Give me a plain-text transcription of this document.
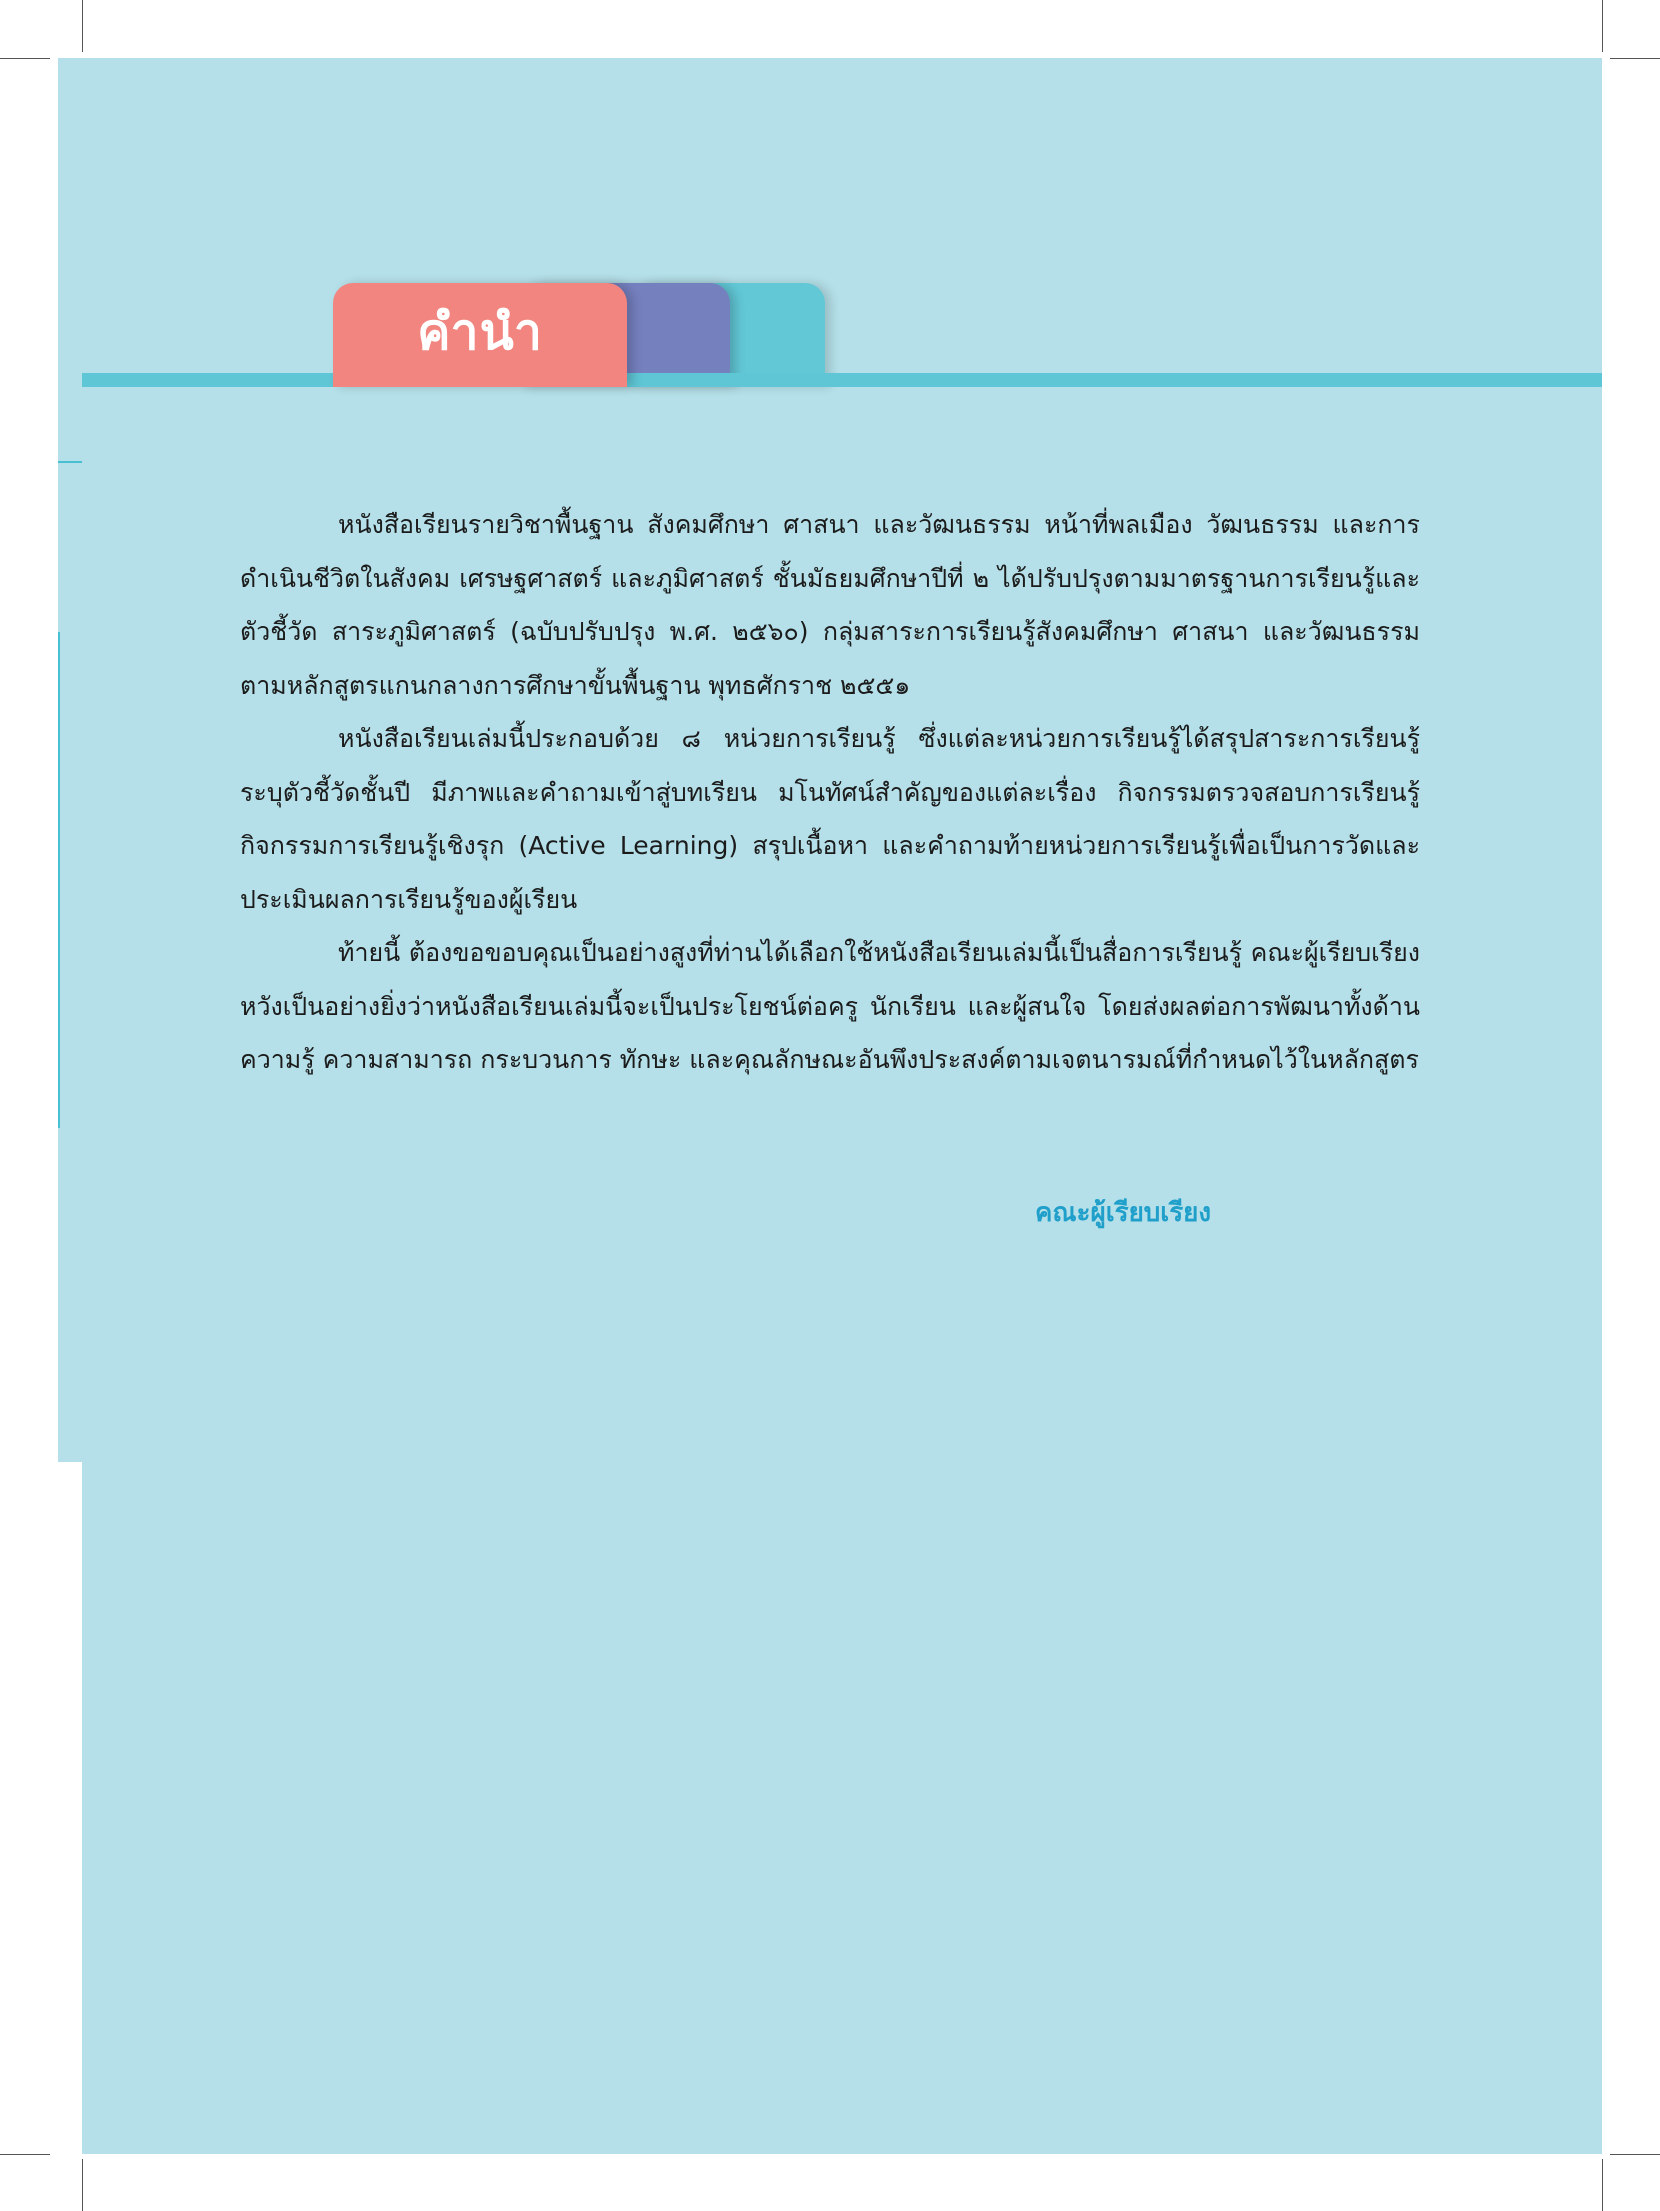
คำนำ

หนังสือเรียนรายวิชาพื้นฐาน สังคมศึกษา ศาสนา และวัฒนธรรม หน้าที่พลเมือง วัฒนธรรม และการดำเนินชีวิตในสังคม เศรษฐศาสตร์ และภูมิศาสตร์ ชั้นมัธยมศึกษาปีที่ ๒ ได้ปรับปรุงตามมาตรฐานการเรียนรู้และตัวชี้วัด สาระภูมิศาสตร์ (ฉบับปรับปรุง พ.ศ. ๒๕๖๐) กลุ่มสาระการเรียนรู้สังคมศึกษา ศาสนา และวัฒนธรรม ตามหลักสูตรแกนกลางการศึกษาขั้นพื้นฐาน พุทธศักราช ๒๕๕๑

หนังสือเรียนเล่มนี้ประกอบด้วย ๘ หน่วยการเรียนรู้ ซึ่งแต่ละหน่วยการเรียนรู้ได้สรุปสาระการเรียนรู้ ระบุตัวชี้วัดชั้นปี มีภาพและคำถามเข้าสู่บทเรียน มโนทัศน์สำคัญของแต่ละเรื่อง กิจกรรมตรวจสอบการเรียนรู้ กิจกรรมการเรียนรู้เชิงรุก (Active Learning) สรุปเนื้อหา และคำถามท้ายหน่วยการเรียนรู้เพื่อเป็นการวัดและประเมินผลการเรียนรู้ของผู้เรียน

ท้ายนี้ ต้องขอขอบคุณเป็นอย่างสูงที่ท่านได้เลือกใช้หนังสือเรียนเล่มนี้เป็นสื่อการเรียนรู้ คณะผู้เรียบเรียงหวังเป็นอย่างยิ่งว่าหนังสือเรียนเล่มนี้จะเป็นประโยชน์ต่อครู นักเรียน และผู้สนใจ โดยส่งผลต่อการพัฒนาทั้งด้านความรู้ ความสามารถ กระบวนการ ทักษะ และคุณลักษณะอันพึงประสงค์ตามเจตนารมณ์ที่กำหนดไว้ในหลักสูตร

คณะผู้เรียบเรียง
